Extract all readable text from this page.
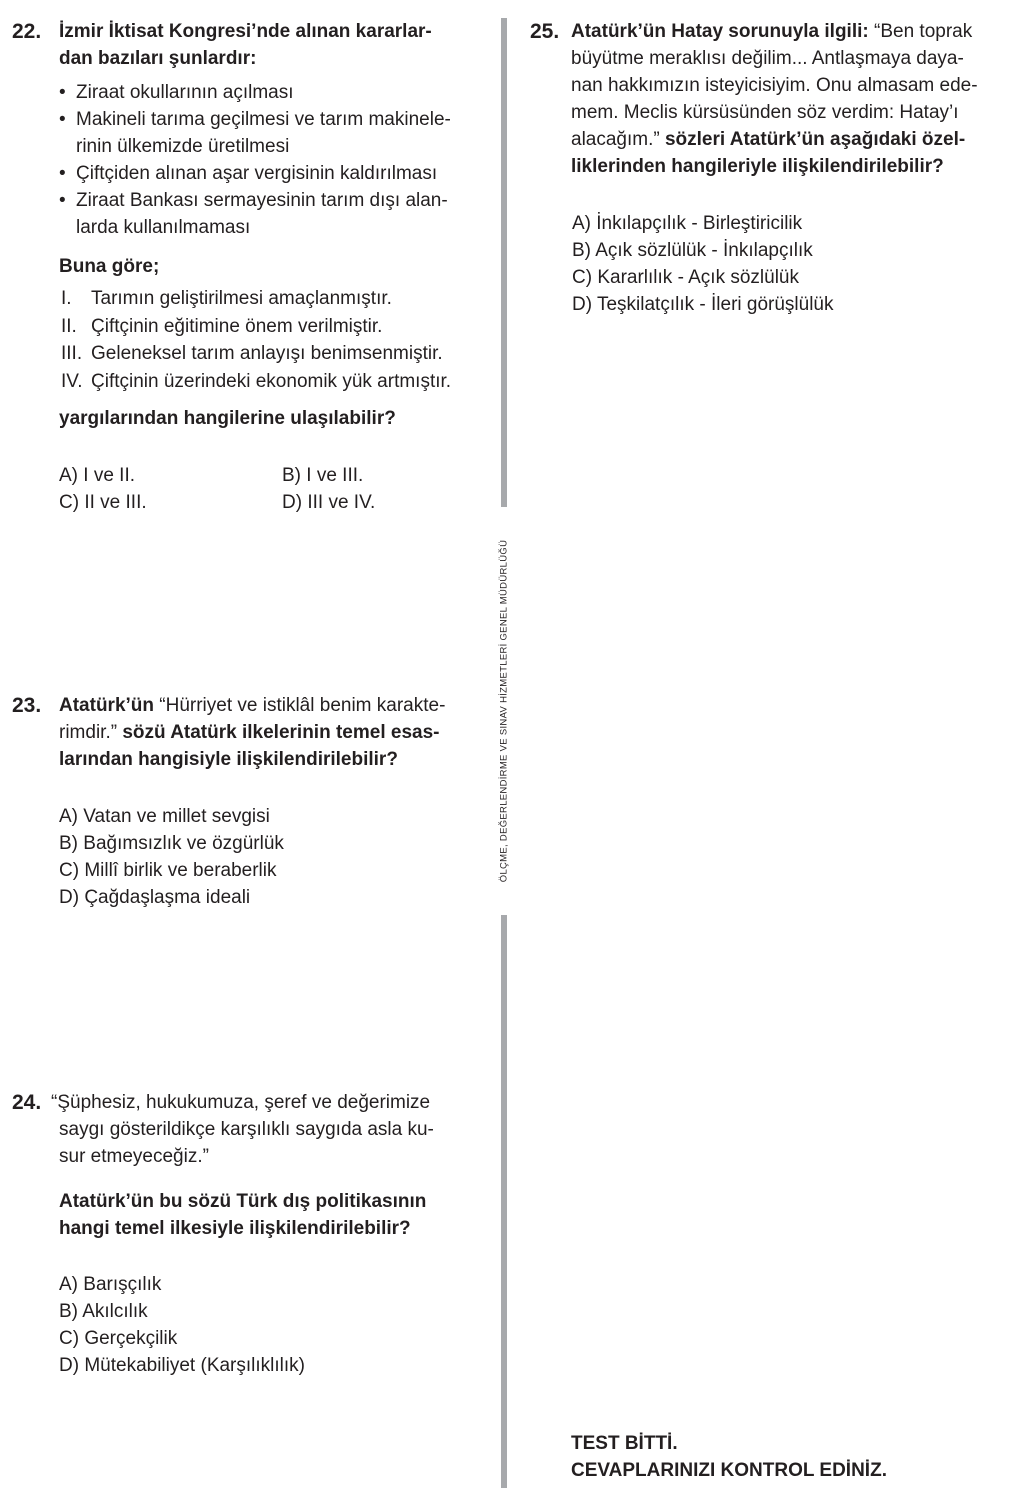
ÖLÇME, DEĞERLENDİRME VE SINAV HİZMETLERİ GENEL MÜDÜRLÜĞÜ
22. İzmir İktisat Kongresi’nde alınan kararlar-
dan bazıları şunlardır:
• Ziraat okullarının açılması
• Makineli tarıma geçilmesi ve tarım makinele-
rinin ülkemizde üretilmesi
• Çiftçiden alınan aşar vergisinin kaldırılması
• Ziraat Bankası sermayesinin tarım dışı alan-
larda kullanılmaması
Buna göre;
I. Tarımın geliştirilmesi amaçlanmıştır.
II. Çiftçinin eğitimine önem verilmiştir.
III. Geleneksel tarım anlayışı benimsenmiştir.
IV. Çiftçinin üzerindeki ekonomik yük artmıştır.
yargılarından hangilerine ulaşılabilir?
A) I ve II.	B) I ve III.
C) II ve III.	D) III ve IV.
23. Atatürk’ün “Hürriyet ve istiklâl benim karakte-
rimdir.” sözü Atatürk ilkelerinin temel esas-
larından hangisiyle ilişkilendirilebilir?
A) Vatan ve millet sevgisi
B) Bağımsızlık ve özgürlük
C) Millî birlik ve beraberlik
D) Çağdaşlaşma ideali
24. “Şüphesiz, hukukumuza, şeref ve değerimize
saygı gösterildikçe karşılıklı saygıda asla ku-
sur etmeyeceğiz.”
Atatürk’ün bu sözü Türk dış politikasının
hangi temel ilkesiyle ilişkilendirilebilir?
A) Barışçılık
B) Akılcılık
C) Gerçekçilik
D) Mütekabiliyet (Karşılıklılık)
25. Atatürk’ün Hatay sorunuyla ilgili: “Ben toprak
büyütme meraklısı değilim... Antlaşmaya daya-
nan hakkımızın isteyicisiyim. Onu almasam ede-
mem. Meclis kürsüsünden söz verdim: Hatay’ı
alacağım.” sözleri Atatürk’ün aşağıdaki özel-
liklerinden hangileriyle ilişkilendirilebilir?
A) İnkılapçılık - Birleştiricilik
B) Açık sözlülük - İnkılapçılık
C) Kararlılık - Açık sözlülük
D) Teşkilatçılık - İleri görüşlülük
TEST BİTTİ.
CEVAPLARINIZI KONTROL EDİNİZ.
